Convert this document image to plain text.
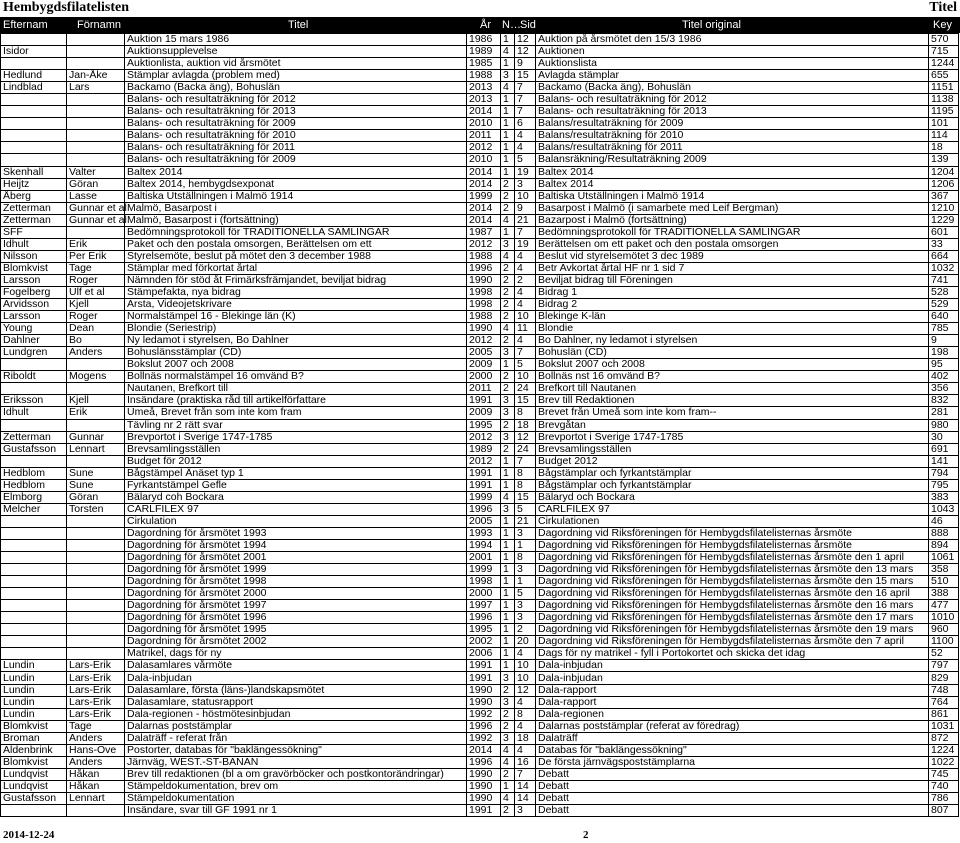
Hembygdsfilatelisten	Titel
Efternam	Förnamn	Titel	År	N… Sid	Titel original	Key
		Auktion 15 mars 1986	1986	1	12	Auktion på årsmötet den 15/3 1986	570
Isidor		Auktionsupplevelse	1989	4	12	Auktionen	715
		Auktionlista, auktion vid årsmötet	1985	1	9	Auktionslista	1244
Hedlund	Jan-Åke	Stämplar avlagda (problem med)	1988	3	15	Avlagda stämplar	655
Lindblad	Lars	Backamo (Backa äng), Bohuslän	2013	4	7	Backamo (Backa äng), Bohuslän	1151
		Balans- och resultaträkning för 2012	2013	1	7	Balans- och resultaträkning för 2012	1138
		Balans- och resultaträkning för 2013	2014	1	7	Balans- och resultaträkning för 2013	1195
		Balans- och resultaträkning för 2009	2010	1	6	Balans/resultaträkning för 2009	101
		Balans- och resultaträkning för 2010	2011	1	4	Balans/resultaträkning för 2010	114
		Balans- och resultaträkning för 2011	2012	1	4	Balans/resultaträkning för 2011	18
		Balans- och resultaträkning för 2009	2010	1	5	Balansräkning/Resultaträkning 2009	139
Skenhall	Valter	Baltex 2014	2014	1	19	Baltex 2014	1204
Heijtz	Göran	Baltex 2014, hembygdsexponat	2014	2	3	Baltex 2014	1206
Åberg	Lasse	Baltiska Utställningen i Malmö 1914	1999	2	10	Baltiska Utställningen i Malmö 1914	367
Zetterman	Gunnar et al	Malmö, Basarpost i	2014	2	9	Basarpost i Malmö (i samarbete med Leif Bergman)	1210
Zetterman	Gunnar et al	Malmö, Basarpost i (fortsättning)	2014	4	21	Bazarpost i Malmö (fortsättning)	1229
SFF		Bedömningsprotokoll för TRADITIONELLA SAMLINGAR	1987	1	7	Bedömningsprotokoll för TRADITIONELLA SAMLINGAR	601
Idhult	Erik	Paket och den postala omsorgen, Berättelsen om ett	2012	3	19	Berättelsen om ett paket och den postala omsorgen	33
Nilsson	Per Erik	Styrelsemöte, beslut på mötet den 3 december 1988	1988	4	4	Beslut vid styrelsemötet 3 dec 1989	664
Blomkvist	Tage	Stämplar med förkortat årtal	1996	2	4	Betr Avkortat årtal HF nr 1 sid 7	1032
Larsson	Roger	Nämnden för stöd åt Frimärksfrämjandet, beviljat bidrag	1990	2	2	Beviljat bidrag till Föreningen	741
Fogelberg	Ulf et al	Stämpefakta, nya bidrag	1998	2	4	Bidrag 1	528
Arvidsson	Kjell	Arsta, Videojetskrivare	1998	2	4	Bidrag 2	529
Larsson	Roger	Normalstämpel 16 - Blekinge län (K)	1988	2	10	Blekinge K-län	640
Young	Dean	Blondie (Seriestrip)	1990	4	11	Blondie	785
Dahlner	Bo	Ny ledamot i styrelsen, Bo Dahlner	2012	2	4	Bo Dahlner, ny ledamot i styrelsen	9
Lundgren	Anders	Bohuslänsstämplar (CD)	2005	3	7	Bohuslän (CD)	198
		Bokslut 2007 och 2008	2009	1	5	Bokslut 2007 och 2008	95
Riboldt	Mogens	Bollnäs normalstämpel 16 omvänd B?	2000	2	10	Bollnäs nst 16 omvänd B?	402
		Nautanen, Brefkort till	2011	2	24	Brefkort till Nautanen	356
Eriksson	Kjell	Insändare (praktiska råd till artikelförfattare	1991	3	15	Brev till Redaktionen	832
Idhult	Erik	Umeå, Brevet från som inte kom fram	2009	3	8	Brevet från Umeå som inte kom fram--	281
		Tävling nr 2 rätt svar	1995	2	18	Brevgåtan	980
Zetterman	Gunnar	Brevportot i Sverige 1747-1785	2012	3	12	Brevportot i Sverige 1747-1785	30
Gustafsson	Lennart	Brevsamlingsställen	1989	2	24	Brevsamlingsställen	691
		Budget för 2012	2012	1	7	Budget 2012	141
Hedblom	Sune	Bågstämpel Änäset typ 1	1991	1	8	Bågstämplar och fyrkantstämplar	794
Hedblom	Sune	Fyrkantstämpel Gefle	1991	1	8	Bågstämplar och fyrkantstämplar	795
Elmborg	Göran	Bälaryd coh Bockara	1999	4	15	Bälaryd och Bockara	383
Melcher	Torsten	CARLFILEX 97	1996	3	5	CARLFILEX 97	1043
		Cirkulation	2005	1	21	Cirkulationen	46
		Dagordning för årsmötet 1993	1993	1	3	Dagordning vid Riksföreningen för Hembygdsfilatelisternas årsmöte	888
		Dagordning för årsmötet 1994	1994	1	1	Dagordning vid Riksföreningen för Hembygdsfilatelisternas årsmöte	894
		Dagordning för årsmötet 2001	2001	1	8	Dagordning vid Riksföreningen för Hembygdsfilatelisternas årsmöte den 1 april	1061
		Dagordning för årsmötet 1999	1999	1	3	Dagordning vid Riksföreningen för Hembygdsfilatelisternas årsmöte den 13 mars	358
		Dagordning för årsmötet 1998	1998	1	1	Dagordning vid Riksföreningen för Hembygdsfilatelisternas årsmöte den 15 mars	510
		Dagordning för årsmötet 2000	2000	1	5	Dagordning vid Riksföreningen för Hembygdsfilatelisternas årsmöte den 16 april	388
		Dagordning för årsmötet 1997	1997	1	3	Dagordning vid Riksföreningen för Hembygdsfilatelisternas årsmöte den 16 mars	477
		Dagordning för årsmötet 1996	1996	1	3	Dagordning vid Riksföreningen för Hembygdsfilatelisternas årsmöte den 17 mars	1010
		Dagordning för årsmötet 1995	1995	1	2	Dagordning vid Riksföreningen för Hembygdsfilatelisternas årsmöte den 19 mars	960
		Dagordning för årsmötet 2002	2002	1	20	Dagordning vid Riksföreningen för Hembygdsfilatelisternas årsmöte den 7 april	1100
		Matrikel, dags för ny	2006	1	4	Dags för ny matrikel - fyll i Portokortet och skicka det idag	52
Lundin	Lars-Erik	Dalasamlares vårmöte	1991	1	10	Dala-inbjudan	797
Lundin	Lars-Erik	Dala-inbjudan	1991	3	10	Dala-inbjudan	829
Lundin	Lars-Erik	Dalasamlare, första (läns-)landskapsmötet	1990	2	12	Dala-rapport	748
Lundin	Lars-Erik	Dalasamlare, statusrapport	1990	3	4	Dala-rapport	764
Lundin	Lars-Erik	Dala-regionen - höstmötesinbjudan	1992	2	8	Dala-regionen	861
Blomkvist	Tage	Dalarnas poststämplar	1996	2	4	Dalarnas poststämplar (referat av föredrag)	1031
Broman	Anders	Dalaträff - referat från	1992	3	18	Dalaträff	872
Aldenbrink	Hans-Ove	Postorter, databas för "baklängessökning"	2014	4	4	Databas för "baklängessökning"	1224
Blomkvist	Anders	Järnväg, WEST.-ST-BANAN	1996	4	16	De första järnvägspoststämplarna	1022
Lundqvist	Håkan	Brev till redaktionen (bl a om gravörböcker och postkontorändringar)	1990	2	7	Debatt	745
Lundqvist	Håkan	Stämpeldokumentation, brev om	1990	1	14	Debatt	740
Gustafsson	Lennart	Stämpeldokumentation	1990	4	14	Debatt	786
		Insändare, svar till GF 1991 nr 1	1991	2	3	Debatt	807
2014-12-24	2
